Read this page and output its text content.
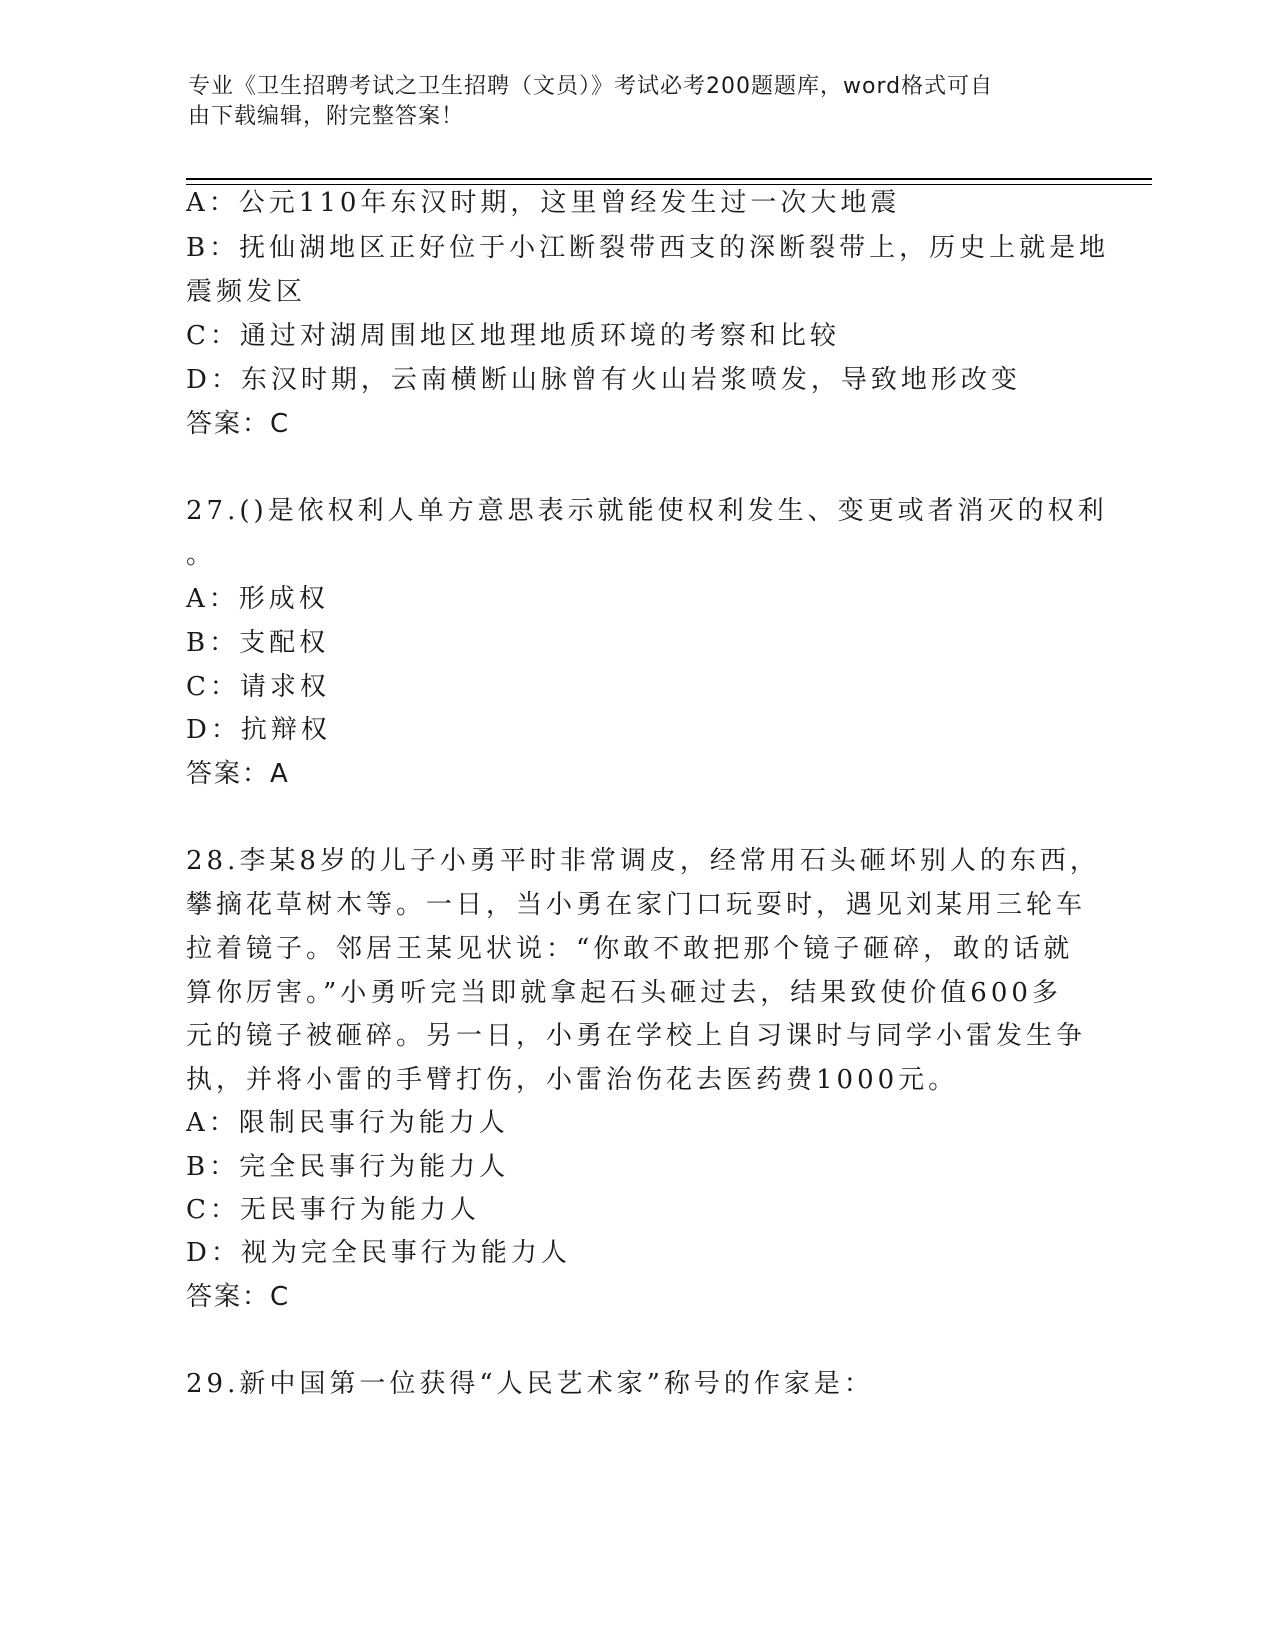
专业《卫生招聘考试之卫生招聘（文员）》考试必考200题题库，word格式可自
由下载编辑，附完整答案！
A：公元110年东汉时期，这里曾经发生过一次大地震
B：抚仙湖地区正好位于小江断裂带西支的深断裂带上，历史上就是地
震频发区
C：通过对湖周围地区地理地质环境的考察和比较
D：东汉时期，云南横断山脉曾有火山岩浆喷发，导致地形改变
答案：C
27.()是依权利人单方意思表示就能使权利发生、变更或者消灭的权利
。
A：形成权
B：支配权
C：请求权
D：抗辩权
答案：A
28.李某8岁的儿子小勇平时非常调皮，经常用石头砸坏别人的东西，
攀摘花草树木等。一日，当小勇在家门口玩耍时，遇见刘某用三轮车
拉着镜子。邻居王某见状说：“你敢不敢把那个镜子砸碎，敢的话就
算你厉害。”小勇听完当即就拿起石头砸过去，结果致使价值600多
元的镜子被砸碎。另一日，小勇在学校上自习课时与同学小雷发生争
执，并将小雷的手臂打伤，小雷治伤花去医药费1000元。
A：限制民事行为能力人
B：完全民事行为能力人
C：无民事行为能力人
D：视为完全民事行为能力人
答案：C
29.新中国第一位获得“人民艺术家”称号的作家是：
